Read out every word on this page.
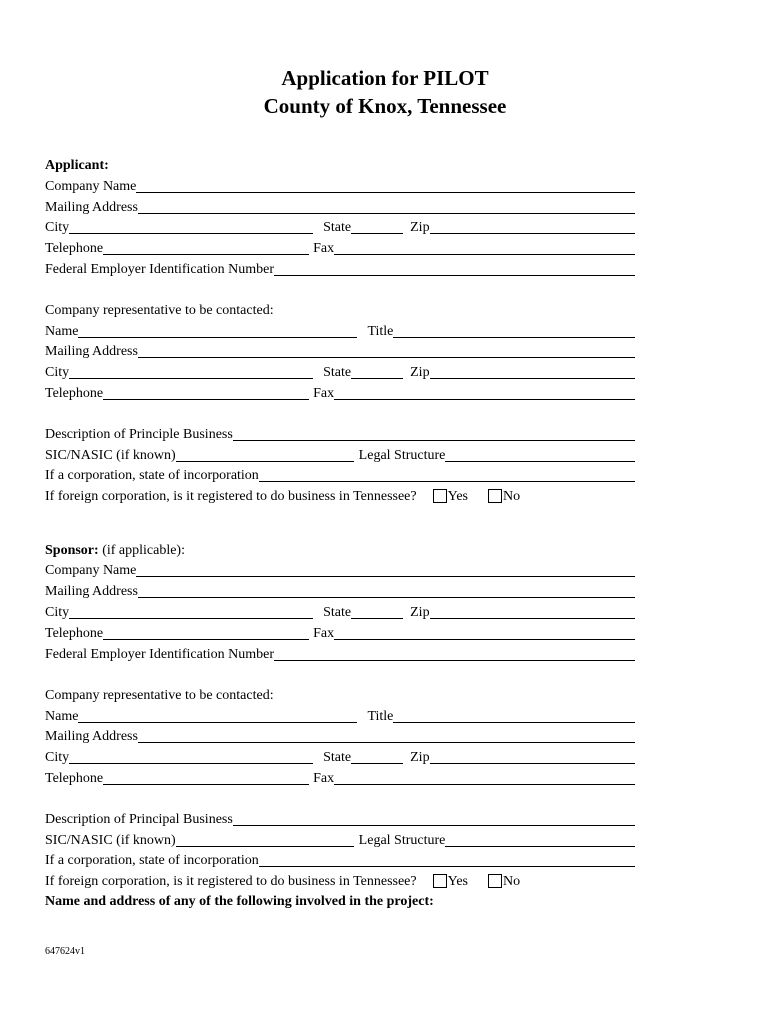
Application for PILOT
County of Knox, Tennessee
Applicant:
Company Name
Mailing Address
City	State	Zip
Telephone	Fax
Federal Employer Identification Number
Company representative to be contacted:
Name	Title
Mailing Address
City	State	Zip
Telephone	Fax
Description of Principle Business
SIC/NASIC (if known)	Legal Structure
If a corporation, state of incorporation
If foreign corporation, is it registered to do business in Tennessee? Yes	No
Sponsor: (if applicable):
Company Name
Mailing Address
City	State	Zip
Telephone	Fax
Federal Employer Identification Number
Company representative to be contacted:
Name	Title
Mailing Address
City	State	Zip
Telephone	Fax
Description of Principal Business
SIC/NASIC (if known)	Legal Structure
If a corporation, state of incorporation
If foreign corporation, is it registered to do business in Tennessee? Yes	No
Name and address of any of the following involved in the project:
647624v1
